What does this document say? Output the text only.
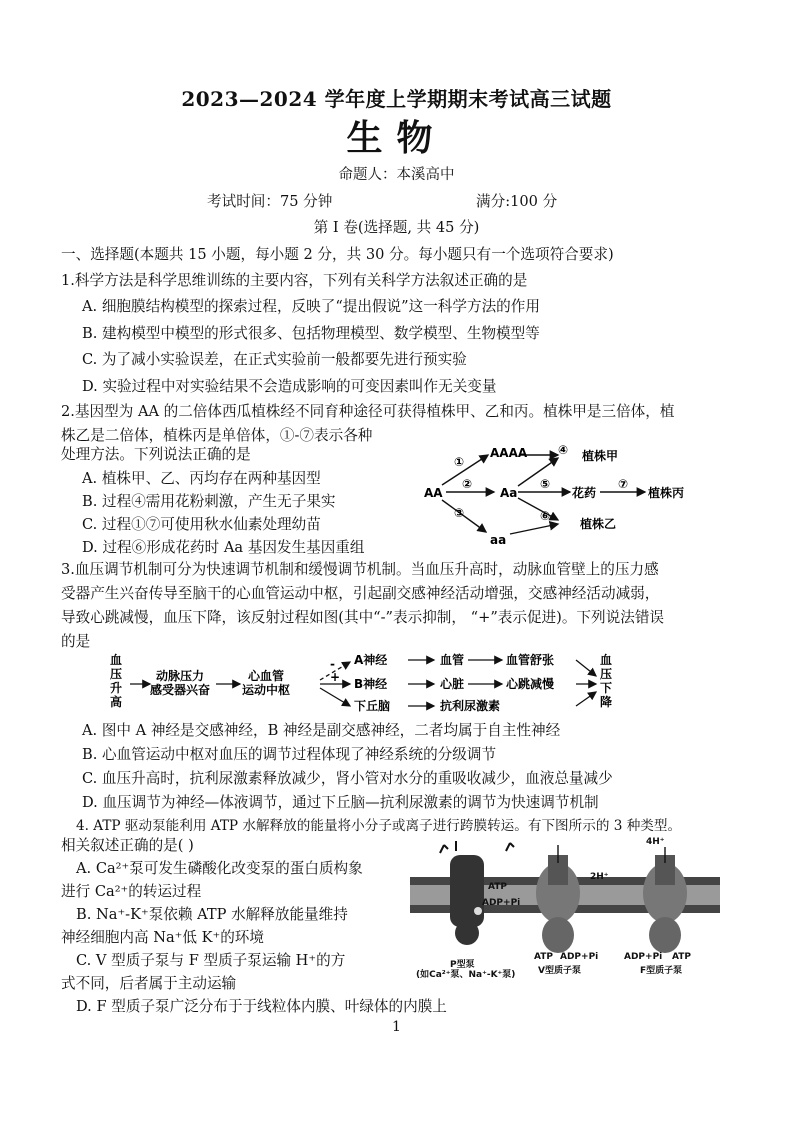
2023—2024 学年度上学期期末考试高三试题
生物
命题人：本溪高中
考试时间：75 分钟	满分:100 分
第 Ⅰ 卷(选择题, 共 45 分)
一、选择题(本题共 15 小题，每小题 2 分，共 30 分。每小题只有一个选项符合要求)
1.科学方法是科学思维训练的主要内容，下列有关科学方法叙述正确的是
A. 细胞膜结构模型的探索过程，反映了“提出假说”这一科学方法的作用
B. 建构模型中模型的形式很多、包括物理模型、数学模型、生物模型等
C. 为了减小实验误差，在正式实验前一般都要先进行预实验
D. 实验过程中对实验结果不会造成影响的可变因素叫作无关变量
2.基因型为 AA 的二倍体西瓜植株经不同育种途径可获得植株甲、乙和丙。植株甲是三倍体，植
株乙是二倍体，植株丙是单倍体，①-⑦表示各种
处理方法。下列说法正确的是
A. 植株甲、乙、丙均存在两种基因型
B. 过程④需用花粉刺激，产生无子果实
C. 过程①⑦可使用秋水仙素处理幼苗
D. 过程⑥形成花药时 Aa 基因发生基因重组
AA
AAAA
Aa
aa
①
②
③
④
⑤
⑥
⑦
植株甲
花药	植株丙
植株乙
3.血压调节机制可分为快速调节机制和缓慢调节机制。当血压升高时，动脉血管壁上的压力感
受器产生兴奋传导至脑干的心血管运动中枢，引起副交感神经活动增强，交感神经活动减弱，
导致心跳减慢，血压下降，该反射过程如图(其中“-”表示抑制， “+”表示促进)。下列说法错误
的是
血
压
升
高
动脉压力
感受器兴奋
心血管
运动中枢
-
+
A神经
B神经
下丘脑
血管
心脏
抗利尿激素
血管舒张
心跳减慢
血
压
下
降
A. 图中 A 神经是交感神经，B 神经是副交感神经，二者均属于自主性神经
B. 心血管运动中枢对血压的调节过程体现了神经系统的分级调节
C. 血压升高时，抗利尿激素释放减少，肾小管对水分的重吸收减少，血液总量减少
D. 血压调节为神经—体液调节，通过下丘脑—抗利尿激素的调节为快速调节机制
4. ATP 驱动泵能利用 ATP 水解释放的能量将小分子或离子进行跨膜转运。有下图所示的 3 种类型。
相关叙述正确的是( )
A. Ca²⁺泵可发生磷酸化改变泵的蛋白质构象
进行 Ca²⁺的转运过程
B. Na⁺-K⁺泵依赖 ATP 水解释放能量维持
神经细胞内高 Na⁺低 K⁺的环境
C. V 型质子泵与 F 型质子泵运输 H⁺的方
式不同，后者属于主动运输
D. F 型质子泵广泛分布于于线粒体内膜、叶绿体的内膜上
ATP
ADP+Pi
2H⁺
4H⁺
ATP ADP+Pi	ADP+Pi ATP
P型泵
(如Ca²⁺泵、Na⁺-K⁺泵)	V型质子泵	F型质子泵
1
